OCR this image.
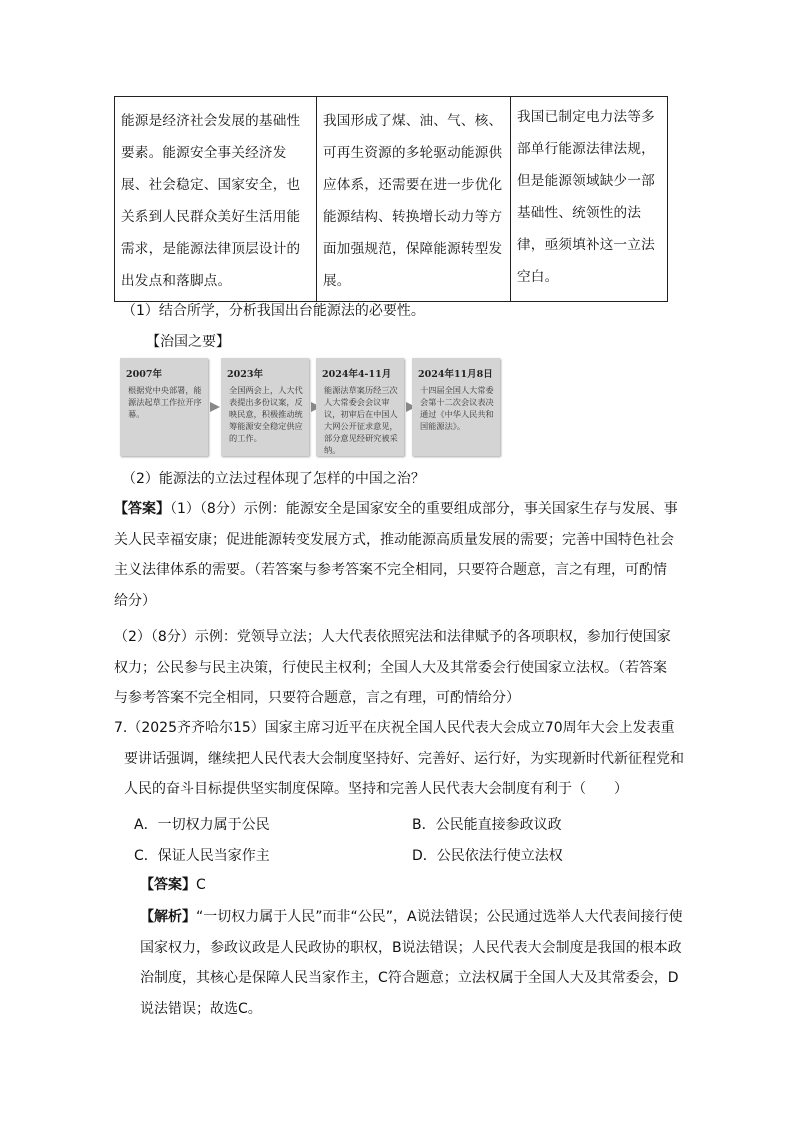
能源是经济社会发展的基础性要素。能源安全事关经济发展、社会稳定、国家安全，也关系到人民群众美好生活用能需求，是能源法律顶层设计的出发点和落脚点。	我国形成了煤、油、气、核、可再生资源的多轮驱动能源供应体系，还需要在进一步优化能源结构、转换增长动力等方面加强规范，保障能源转型发展。	我国已制定电力法等多部单行能源法律法规，但是能源领域缺少一部基础性、统领性的法律，亟须填补这一立法空白。
（1）结合所学，分析我国出台能源法的必要性。
【治国之要】
2007年
根据党中央部署，能源法起草工作拉开序幕。
2023年
全国两会上，人大代表提出多份议案，反映民意，积极推动统筹能源安全稳定供应的工作。
2024年4-11月
能源法草案历经三次人大常委会会议审议，初审后在中国人大网公开征求意见，部分意见经研究被采纳。
2024年11月8日
十四届全国人大常委会第十二次会议表决通过《中华人民共和国能源法》。
（2）能源法的立法过程体现了怎样的中国之治？
【答案】（1）（8分）示例：能源安全是国家安全的重要组成部分，事关国家生存与发展、事关人民幸福安康；促进能源转变发展方式，推动能源高质量发展的需要；完善中国特色社会主义法律体系的需要。（若答案与参考答案不完全相同，只要符合题意，言之有理，可酌情给分）
（2）（8分）示例：党领导立法；人大代表依照宪法和法律赋予的各项职权，参加行使国家权力；公民参与民主决策，行使民主权利；全国人大及其常委会行使国家立法权。（若答案与参考答案不完全相同，只要符合题意，言之有理，可酌情给分）
7.（2025齐齐哈尔15）国家主席习近平在庆祝全国人民代表大会成立70周年大会上发表重要讲话强调，继续把人民代表大会制度坚持好、完善好、运行好，为实现新时代新征程党和人民的奋斗目标提供坚实制度保障。坚持和完善人民代表大会制度有利于（　　）
A．一切权力属于公民	B．公民能直接参政议政
C．保证人民当家作主	D．公民依法行使立法权
【答案】C
【解析】“一切权力属于人民”而非“公民”，A说法错误；公民通过选举人大代表间接行使国家权力，参政议政是人民政协的职权，B说法错误；人民代表大会制度是我国的根本政治制度，其核心是保障人民当家作主，C符合题意；立法权属于全国人大及其常委会，D说法错误；故选C。
